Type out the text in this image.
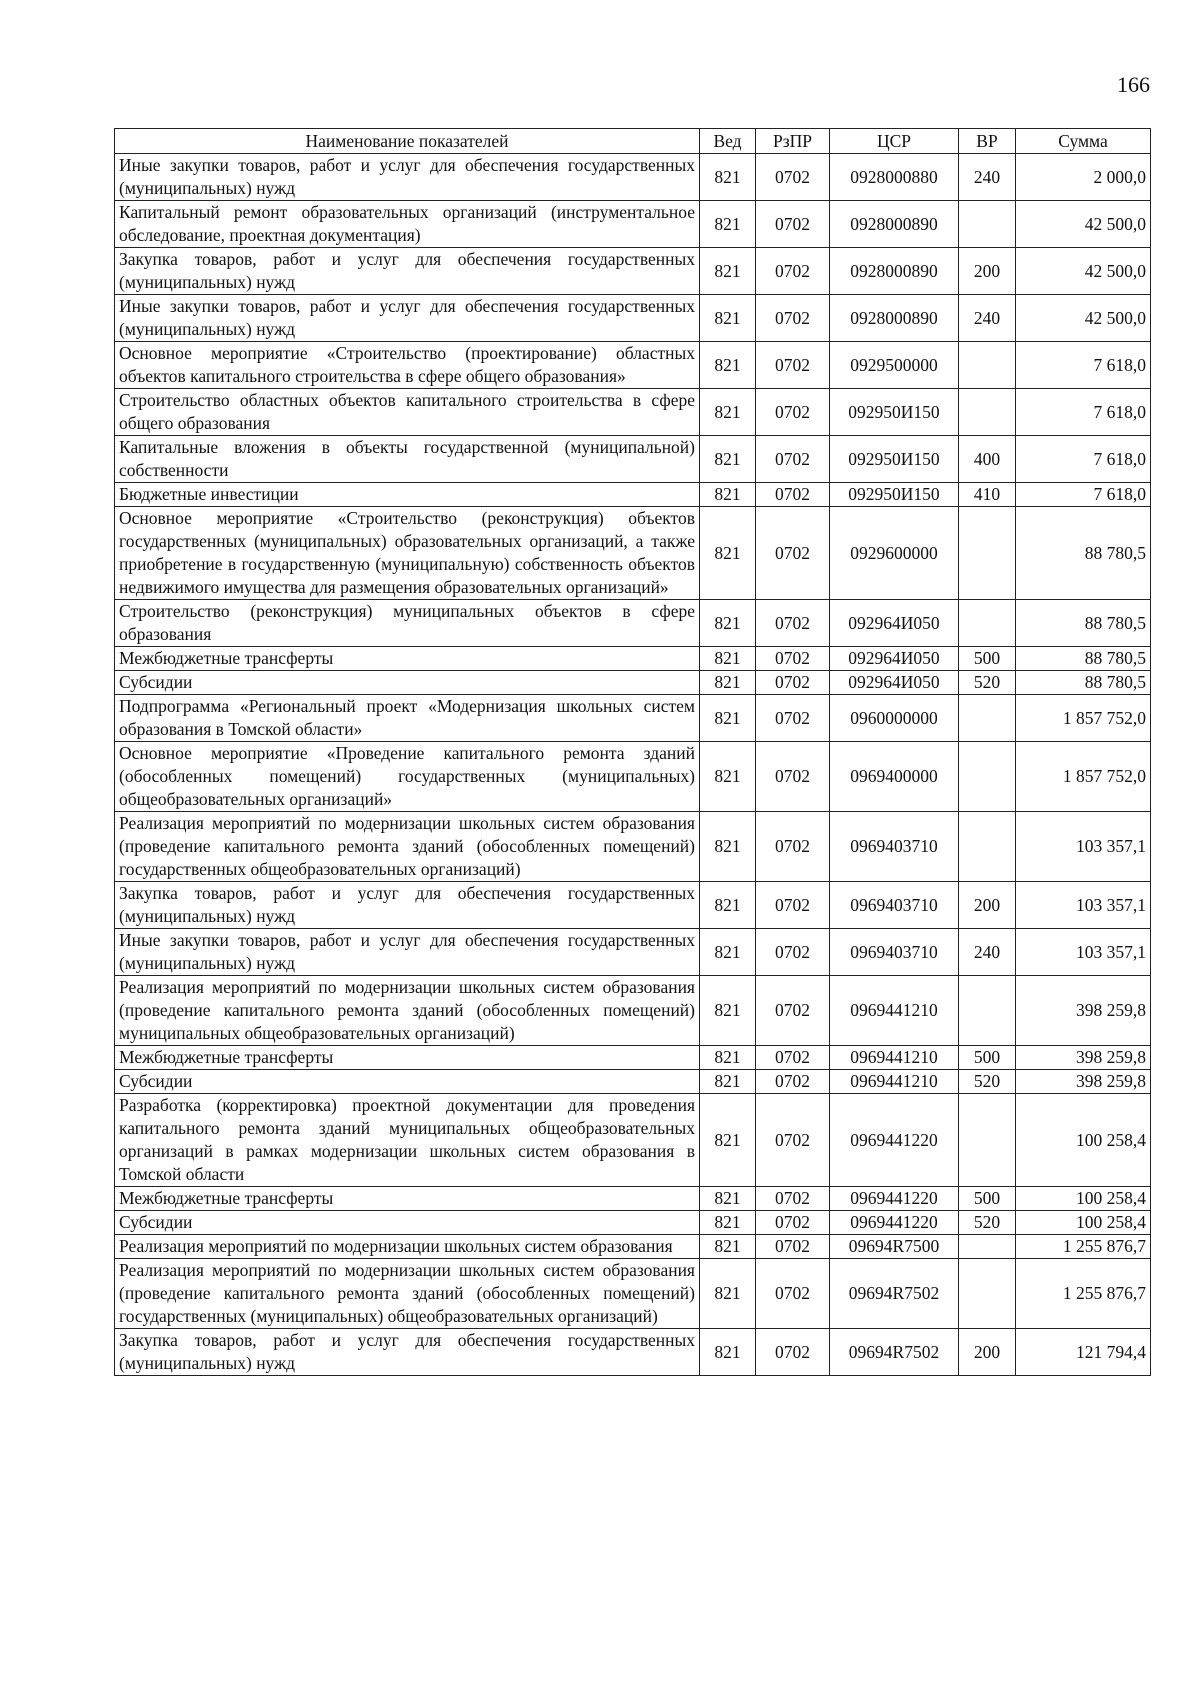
166
Наименование показателей	Вед	РзПР	ЦСР	ВР	Сумма
Иные закупки товаров, работ и услуг для обеспечения государственных (муниципальных) нужд	821	0702	0928000880	240	2 000,0
Капитальный ремонт образовательных организаций (инструментальное обследование, проектная документация)	821	0702	0928000890		42 500,0
Закупка товаров, работ и услуг для обеспечения государственных (муниципальных) нужд	821	0702	0928000890	200	42 500,0
Иные закупки товаров, работ и услуг для обеспечения государственных (муниципальных) нужд	821	0702	0928000890	240	42 500,0
Основное мероприятие «Строительство (проектирование) областных объектов капитального строительства в сфере общего образования»	821	0702	0929500000		7 618,0
Строительство областных объектов капитального строительства в сфере общего образования	821	0702	092950И150		7 618,0
Капитальные вложения в объекты государственной (муниципальной) собственности	821	0702	092950И150	400	7 618,0
Бюджетные инвестиции	821	0702	092950И150	410	7 618,0
Основное мероприятие «Строительство (реконструкция) объектов государственных (муниципальных) образовательных организаций, а также приобретение в государственную (муниципальную) собственность объектов недвижимого имущества для размещения образовательных организаций»	821	0702	0929600000		88 780,5
Строительство (реконструкция) муниципальных объектов в сфере образования	821	0702	092964И050		88 780,5
Межбюджетные трансферты	821	0702	092964И050	500	88 780,5
Субсидии	821	0702	092964И050	520	88 780,5
Подпрограмма «Региональный проект «Модернизация школьных систем образования в Томской области»	821	0702	0960000000		1 857 752,0
Основное мероприятие «Проведение капитального ремонта зданий (обособленных помещений) государственных (муниципальных) общеобразовательных организаций»	821	0702	0969400000		1 857 752,0
Реализация мероприятий по модернизации школьных систем образования (проведение капитального ремонта зданий (обособленных помещений) государственных общеобразовательных организаций)	821	0702	0969403710		103 357,1
Закупка товаров, работ и услуг для обеспечения государственных (муниципальных) нужд	821	0702	0969403710	200	103 357,1
Иные закупки товаров, работ и услуг для обеспечения государственных (муниципальных) нужд	821	0702	0969403710	240	103 357,1
Реализация мероприятий по модернизации школьных систем образования (проведение капитального ремонта зданий (обособленных помещений) муниципальных общеобразовательных организаций)	821	0702	0969441210		398 259,8
Межбюджетные трансферты	821	0702	0969441210	500	398 259,8
Субсидии	821	0702	0969441210	520	398 259,8
Разработка (корректировка) проектной документации для проведения капитального ремонта зданий муниципальных общеобразовательных организаций в рамках модернизации школьных систем образования в Томской области	821	0702	0969441220		100 258,4
Межбюджетные трансферты	821	0702	0969441220	500	100 258,4
Субсидии	821	0702	0969441220	520	100 258,4
Реализация мероприятий по модернизации школьных систем образования	821	0702	09694R7500		1 255 876,7
Реализация мероприятий по модернизации школьных систем образования (проведение капитального ремонта зданий (обособленных помещений) государственных (муниципальных) общеобразовательных организаций)	821	0702	09694R7502		1 255 876,7
Закупка товаров, работ и услуг для обеспечения государственных (муниципальных) нужд	821	0702	09694R7502	200	121 794,4
